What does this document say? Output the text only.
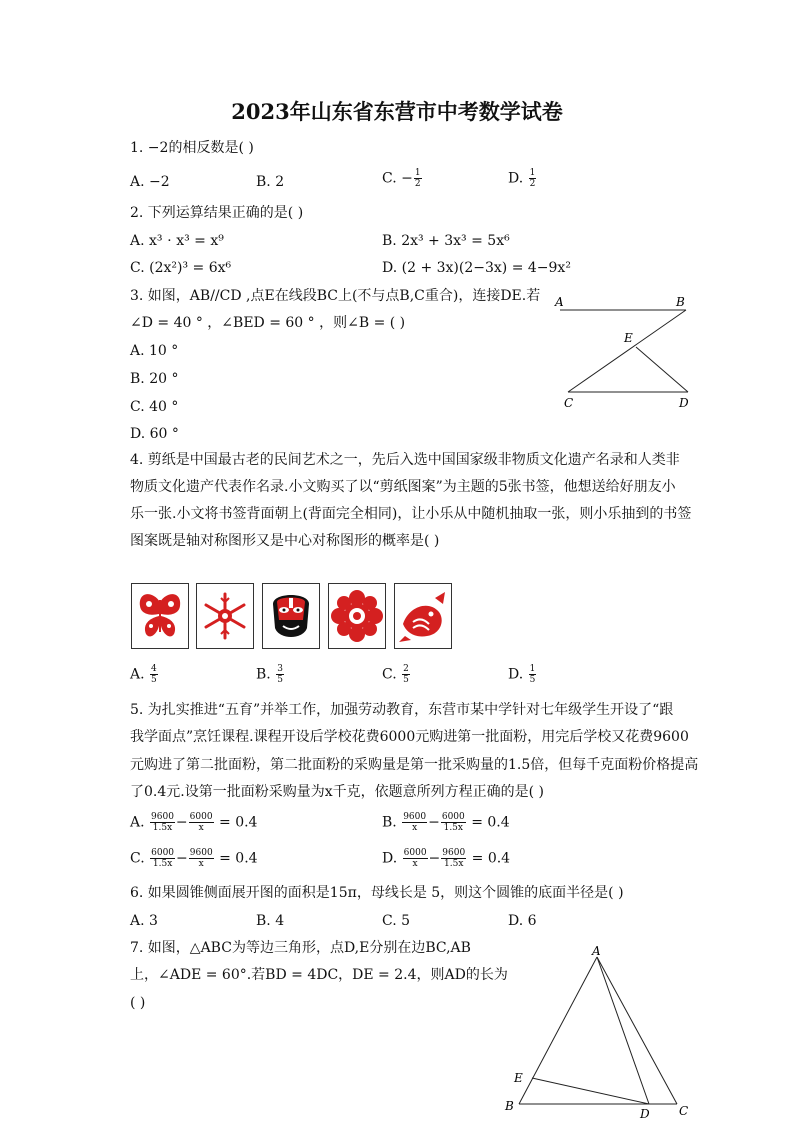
2023年山东省东营市中考数学试卷
1. −2的相反数是( )
A. −2	B. 2	C. − $\frac{1}{2}$	D. $\frac{1}{2}$
2. 下列运算结果正确的是( )
A. x³ ⋅ x³ = x⁹	B. 2x³ + 3x³ = 5x⁶
C. (2x²)³ = 6x⁶	D. (2 + 3x)(2−3x) = 4−9x²
3. 如图，AB//CD ,点E在线段BC上(不与点B,C重合)，连接DE.若
∠D = 40 ° ，∠BED = 60 ° ，则∠B = ( )
A. 10 °
B. 20 °
C. 40 °
D. 60 °
A	B
E
C	D
4. 剪纸是中国最古老的民间艺术之一，先后入选中国国家级非物质文化遗产名录和人类非
物质文化遗产代表作名录.小文购买了以“剪纸图案”为主题的5张书签，他想送给好朋友小
乐一张.小文将书签背面朝上(背面完全相同)，让小乐从中随机抽取一张，则小乐抽到的书签
图案既是轴对称图形又是中心对称图形的概率是( )
A. $\frac{4}{5}$	B. $\frac{3}{5}$	C. $\frac{2}{5}$	D. $\frac{1}{5}$
5. 为扎实推进“五育”并举工作，加强劳动教育，东营市某中学针对七年级学生开设了“跟
我学面点”烹饪课程.课程开设后学校花费6000元购进第一批面粉，用完后学校又花费9600
元购进了第二批面粉，第二批面粉的采购量是第一批采购量的1.5倍，但每千克面粉价格提高
了0.4元.设第一批面粉采购量为x千克，依题意所列方程正确的是( )
A. $\frac{9600}{1.5x} - \frac{6000}{x} = 0.4$	B. $\frac{9600}{x} - \frac{6000}{1.5x} = 0.4$
C. $\frac{6000}{1.5x} - \frac{9600}{x} = 0.4$	D. $\frac{6000}{x} - \frac{9600}{1.5x} = 0.4$
6. 如果圆锥侧面展开图的面积是15π，母线长是 5，则这个圆锥的底面半径是( )
A. 3	B. 4	C. 5	D. 6
7. 如图，△ABC为等边三角形，点D,E分别在边BC,AB
上，∠ADE = 60°.若BD = 4DC，DE = 2.4，则AD的长为
( )
A
E
B
D C
